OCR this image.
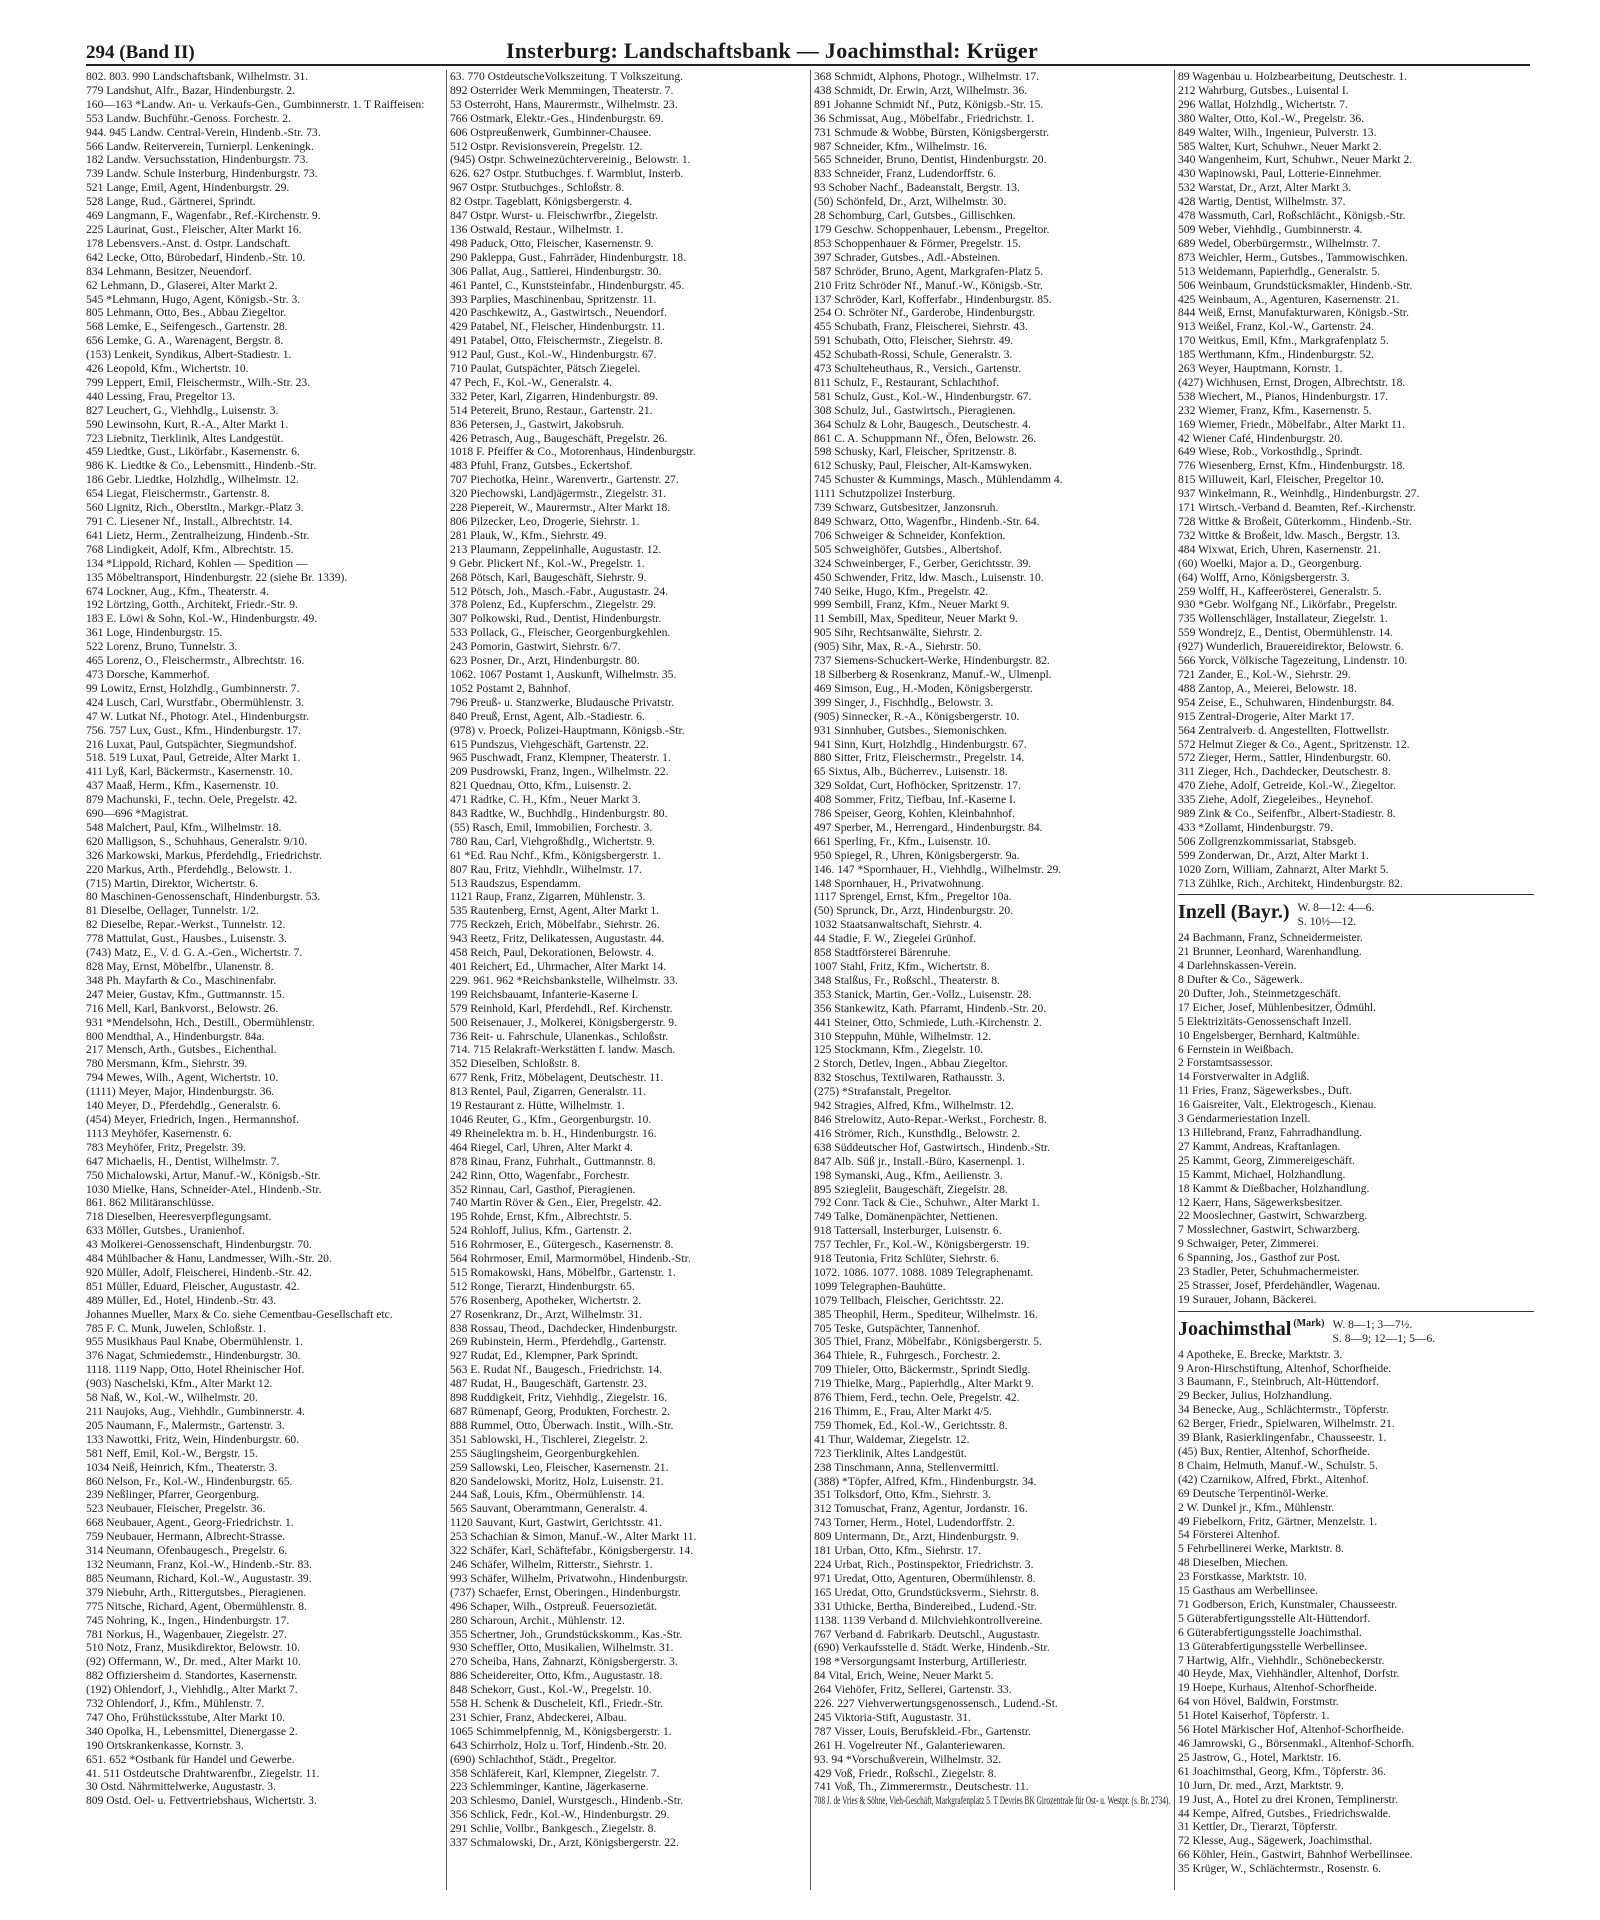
294 (Band II)	Insterburg: Landschaftsbank — Joachimsthal: Krüger
802. 803. 990 Landschaftsbank, Wilhelmstr. 31.
779 Landshut, Alfr., Bazar, Hindenburgstr. 2.
160—163 *Landw. An- u. Verkaufs-Gen., Gumbinnerstr. 1. T Raiffeisen:
553 Landw. Buchführ.-Genoss. Forchestr. 2.
944. 945 Landw. Central-Verein, Hindenb.-Str. 73.
566 Landw. Reiterverein, Turnierpl. Lenkeningk.
182 Landw. Versuchsstation, Hindenburgstr. 73.
739 Landw. Schule Insterburg, Hindenburgstr. 73.
521 Lange, Emil, Agent, Hindenburgstr. 29.
528 Lange, Rud., Gärtnerei, Sprindt.
469 Langmann, F., Wagenfabr., Ref.-Kirchenstr. 9.
225 Laurinat, Gust., Fleischer, Alter Markt 16.
178 Lebensvers.-Anst. d. Ostpr. Landschaft.
642 Lecke, Otto, Bürobedarf, Hindenb.-Str. 10.
834 Lehmann, Besitzer, Neuendorf.
62 Lehmann, D., Glaserei, Alter Markt 2.
545 *Lehmann, Hugo, Agent, Königsb.-Str. 3.
805 Lehmann, Otto, Bes., Abbau Ziegeltor.
568 Lemke, E., Seifengesch., Gartenstr. 28.
656 Lemke, G. A., Warenagent, Bergstr. 8.
(153) Lenkeit, Syndikus, Albert-Stadiestr. 1.
426 Leopold, Kfm., Wichertstr. 10.
799 Leppert, Emil, Fleischermstr., Wilh.-Str. 23.
440 Lessing, Frau, Pregeltor 13.
827 Leuchert, G., Viehhdlg., Luisenstr. 3.
590 Lewinsohn, Kurt, R.-A., Alter Markt 1.
723 Liebnitz, Tierklinik, Altes Landgestüt.
459 Liedtke, Gust., Likörfabr., Kasernenstr. 6.
986 K. Liedtke & Co., Lebensmitt., Hindenb.-Str.
186 Gebr. Liedtke, Holzhdlg., Wilhelmstr. 12.
654 Liegat, Fleischermstr., Gartenstr. 8.
560 Lignitz, Rich., Oberstltn., Markgr.-Platz 3.
791 C. Liesener Nf., Install., Albrechtstr. 14.
641 Lietz, Herm., Zentralheizung, Hindenb.-Str.
768 Lindigkeit, Adolf, Kfm., Albrechtstr. 15.
134 *Lippold, Richard, Kohlen — Spedition —
135 Möbeltransport, Hindenburgstr. 22 (siehe Br. 1339).
674 Lockner, Aug., Kfm., Theaterstr. 4.
192 Lörtzing, Gotth., Architekt, Friedr.-Str. 9.
183 E. Löwi & Sohn, Kol.-W., Hindenburgstr. 49.
361 Loge, Hindenburgstr. 15.
522 Lorenz, Bruno, Tunnelstr. 3.
465 Lorenz, O., Fleischermstr., Albrechtstr. 16.
473 Dorsche, Kammerhof.
99 Lowitz, Ernst, Holzhdlg., Gumbinnerstr. 7.
424 Lusch, Carl, Wurstfabr., Obermühlenstr. 3.
47 W. Lutkat Nf., Photogr. Atel., Hindenburgstr.
756. 757 Lux, Gust., Kfm., Hindenburgstr. 17.
216 Luxat, Paul, Gutspächter, Siegmundshof.
518. 519 Luxat, Paul, Getreide, Alter Markt 1.
411 Lyß, Karl, Bäckermstr., Kasernenstr. 10.
437 Maaß, Herm., Kfm., Kasernenstr. 10.
879 Machunski, F., techn. Oele, Pregelstr. 42.
690—696 *Magistrat.
548 Malchert, Paul, Kfm., Wilhelmstr. 18.
620 Malligson, S., Schuhhaus, Generalstr. 9/10.
326 Markowski, Markus, Pferdehdlg., Friedrichstr.
220 Markus, Arth., Pferdehdlg., Belowstr. 1.
(715) Martin, Direktor, Wichertstr. 6.
80 Maschinen-Genossenschaft, Hindenburgstr. 53.
81 Dieselbe, Oellager, Tunnelstr. 1/2.
82 Dieselbe, Repar.-Werkst., Tunnelstr. 12.
778 Mattulat, Gust., Hausbes., Luisenstr. 3.
(743) Matz, E., V. d. G. A.-Gen., Wichertstr. 7.
828 May, Ernst, Möbelfbr., Ulanenstr. 8.
348 Ph. Mayfarth & Co., Maschinenfabr.
247 Meier, Gustav, Kfm., Guttmannstr. 15.
716 Mell, Karl, Bankvorst., Belowstr. 26.
931 *Mendelsohn, Hch., Destill., Obermühlenstr.
800 Mendthal, A., Hindenburgstr. 84a.
217 Mensch, Arth., Gutsbes., Eichenthal.
780 Mersmann, Kfm., Siehrstr. 39.
794 Mewes, Wilh., Agent, Wichertstr. 10.
(1111) Meyer, Major, Hindenburgstr. 36.
140 Meyer, D., Pferdehdlg., Generalstr. 6.
(454) Meyer, Friedrich, Ingen., Hermannshof.
1113 Meyhöfer, Kasernenstr. 6.
783 Meyhöfer, Fritz, Pregelstr. 39.
647 Michaelis, H., Dentist, Wilhelmstr. 7.
750 Michalowski, Artur, Manuf.-W., Königsb.-Str.
1030 Mielke, Hans, Schneider-Atel., Hindenb.-Str.
861. 862 Militäranschlüsse.
718 Dieselben, Heeresverpflegungsamt.
633 Möller, Gutsbes., Uranienhof.
43 Molkerei-Genossenschaft, Hindenburgstr. 70.
484 Mühlbacher & Hanu, Landmesser, Wilh.-Str. 20.
920 Müller, Adolf, Fleischerei, Hindenb.-Str. 42.
851 Müller, Eduard, Fleischer, Augustastr. 42.
489 Müller, Ed., Hotel, Hindenb.-Str. 43.
Johannes Mueller, Marx & Co. siehe Cementbau-Gesellschaft etc.
785 F. C. Munk, Juwelen, Schloßstr. 1.
955 Musikhaus Paul Knabe, Obermühlenstr. 1.
376 Nagat, Schmiedemstr., Hindenburgstr. 30.
1118. 1119 Napp, Otto, Hotel Rheinischer Hof.
(903) Naschelski, Kfm., Alter Markt 12.
58 Naß, W., Kol.-W., Wilhelmstr. 20.
211 Naujoks, Aug., Viehhdlr., Gumbinnerstr. 4.
205 Naumann, F., Malermstr., Gartenstr. 3.
133 Nawottki, Fritz, Wein, Hindenburgstr. 60.
581 Neff, Emil, Kol.-W., Bergstr. 15.
1034 Neiß, Heinrich, Kfm., Theaterstr. 3.
860 Nelson, Fr., Kol.-W., Hindenburgstr. 65.
239 Neßlinger, Pfarrer, Georgenburg.
523 Neubauer, Fleischer, Pregelstr. 36.
668 Neubauer, Agent., Georg-Friedrichstr. 1.
759 Neubauer, Hermann, Albrecht-Strasse.
314 Neumann, Ofenbaugesch., Pregelstr. 6.
132 Neumann, Franz, Kol.-W., Hindenb.-Str. 83.
885 Neumann, Richard, Kol.-W., Augustastr. 39.
379 Niebuhr, Arth., Rittergutsbes., Pieragienen.
775 Nitsche, Richard, Agent, Obermühlenstr. 8.
745 Nohring, K., Ingen., Hindenburgstr. 17.
781 Norkus, H., Wagenbauer, Ziegelstr. 27.
510 Notz, Franz, Musikdirektor, Belowstr. 10.
(92) Offermann, W., Dr. med., Alter Markt 10.
882 Offiziersheim d. Standortes, Kasernenstr.
(192) Ohlendorf, J., Viehhdlg., Alter Markt 7.
732 Ohlendorf, J., Kfm., Mühlenstr. 7.
747 Oho, Frühstücksstube, Alter Markt 10.
340 Opolka, H., Lebensmittel, Dienergasse 2.
190 Ortskrankenkasse, Kornstr. 3.
651. 652 *Ostbank für Handel und Gewerbe.
41. 511 Ostdeutsche Drahtwarenfbr., Ziegelstr. 11.
30 Ostd. Nährmittelwerke, Augustastr. 3.
809 Ostd. Oel- u. Fettvertriebshaus, Wichertstr. 3.
63. 770 OstdeutscheVolkszeitung. T Volkszeitung.
892 Osterrider Werk Memmingen, Theaterstr. 7.
53 Osterroht, Hans, Maurermstr., Wilhelmstr. 23.
766 Ostmark, Elektr.-Ges., Hindenburgstr. 69.
606 Ostpreußenwerk, Gumbinner-Chausee.
512 Ostpr. Revisionsverein, Pregelstr. 12.
(945) Ostpr. Schweinezüchtervereinig., Belowstr. 1.
626. 627 Ostpr. Stutbuchges. f. Warmblut, Insterb.
967 Ostpr. Stutbuchges., Schloßstr. 8.
82 Ostpr. Tageblatt, Königsbergerstr. 4.
847 Ostpr. Wurst- u. Fleischwrfbr., Ziegelstr.
136 Ostwald, Restaur., Wilhelmstr. 1.
498 Paduck, Otto, Fleischer, Kasernenstr. 9.
290 Pakleppa, Gust., Fahrräder, Hindenburgstr. 18.
306 Pallat, Aug., Sattlerei, Hindenburgstr. 30.
461 Pantel, C., Kunststeinfabr., Hindenburgstr. 45.
393 Parplies, Maschinenbau, Spritzenstr. 11.
420 Paschkewitz, A., Gastwirtsch., Neuendorf.
429 Patabel, Nf., Fleischer, Hindenburgstr. 11.
491 Patabel, Otto, Fleischermstr., Ziegelstr. 8.
912 Paul, Gust., Kol.-W., Hindenburgstr. 67.
710 Paulat, Gutspächter, Pätsch Ziegelei.
47 Pech, F., Kol.-W., Generalstr. 4.
332 Peter, Karl, Zigarren, Hindenburgstr. 89.
514 Petereit, Bruno, Restaur., Gartenstr. 21.
836 Petersen, J., Gastwirt, Jakobsruh.
426 Petrasch, Aug., Baugeschäft, Pregelstr. 26.
1018 F. Pfeiffer & Co., Motorenhaus, Hindenburgstr.
483 Pfuhl, Franz, Gutsbes., Eckertshof.
707 Piechotka, Heinr., Warenvertr., Gartenstr. 27.
320 Piechowski, Landjägermstr., Ziegelstr. 31.
228 Piepereit, W., Maurermstr., Alter Markt 18.
806 Pilzecker, Leo, Drogerie, Siehrstr. 1.
281 Plauk, W., Kfm., Siehrstr. 49.
213 Plaumann, Zeppelinhalle, Augustastr. 12.
9 Gebr. Plickert Nf., Kol.-W., Pregelstr. 1.
268 Pötsch, Karl, Baugeschäft, Siehrstr. 9.
512 Pötsch, Joh., Masch.-Fabr., Augustastr. 24.
378 Polenz, Ed., Kupferschm., Ziegelstr. 29.
307 Polkowski, Rud., Dentist, Hindenburgstr.
533 Pollack, G., Fleischer, Georgenburgkehlen.
243 Pomorin, Gastwirt, Siehrstr. 6/7.
623 Posner, Dr., Arzt, Hindenburgstr. 80.
1062. 1067 Postamt 1, Auskunft, Wilhelmstr. 35.
1052 Postamt 2, Bahnhof.
796 Preuß- u. Stanzwerke, Bludausche Privatstr.
840 Preuß, Ernst, Agent, Alb.-Stadiestr. 6.
(978) v. Proeck, Polizei-Hauptmann, Königsb.-Str.
615 Pundszus, Viehgeschäft, Gartenstr. 22.
965 Puschwadt, Franz, Klempner, Theaterstr. 1.
209 Pusdrowski, Franz, Ingen., Wilhelmstr. 22.
821 Quednau, Otto, Kfm., Luisenstr. 2.
471 Radtke, C. H., Kfm., Neuer Markt 3.
843 Radtke, W., Buchhdlg., Hindenburgstr. 80.
(55) Rasch, Emil, Immobilien, Forchestr. 3.
780 Rau, Carl, Viehgroßhdlg., Wichertstr. 9.
61 *Ed. Rau Nchf., Kfm., Königsbergerstr. 1.
807 Rau, Fritz, Viehhdlr., Wilhelmstr. 17.
513 Raudszus, Espendamm.
1121 Raup, Franz, Zigarren, Mühlenstr. 3.
535 Rautenberg, Ernst, Agent, Alter Markt 1.
775 Reckzeh, Erich, Möbelfabr., Siehrstr. 26.
943 Reetz, Fritz, Delikatessen, Augustastr. 44.
458 Reich, Paul, Dekorationen, Belowstr. 4.
401 Reichert, Ed., Uhrmacher, Alter Markt 14.
229. 961. 962 *Reichsbankstelle, Wilhelmstr. 33.
199 Reichsbauamt, Infanterie-Kaserne I.
579 Reinhold, Karl, Pferdehdl., Ref. Kirchenstr.
500 Reisenauer, J., Molkerei, Königsbergerstr. 9.
736 Reit- u. Fahrschule, Ulanenkas., Schloßstr.
714. 715 Relakraft-Werkstätten f. landw. Masch.
352 Dieselben, Schloßstr. 8.
677 Renk, Fritz, Möbelagent, Deutschestr. 11.
813 Rentel, Paul, Zigarren, Generalstr. 11.
19 Restaurant z. Hütte, Wilhelmstr. 1.
1046 Reuter, G., Kfm., Georgenburgstr. 10.
49 Rheinelektra m. b. H., Hindenburgstr. 16.
464 Riegel, Carl, Uhren, Alter Markt 4.
878 Rinau, Franz, Fuhrhalt., Guttmannstr. 8.
242 Rinn, Otto, Wagenfabr., Forchestr.
352 Rinnau, Carl, Gasthof, Pieragienen.
740 Martin Röver & Gen., Eier, Pregelstr. 42.
195 Rohde, Ernst, Kfm., Albrechtstr. 5.
524 Rohloff, Julius, Kfm., Gartenstr. 2.
516 Rohrmoser, E., Gütergesch., Kasernenstr. 8.
564 Rohrmoser, Emil, Marmormöbel, Hindenb.-Str.
515 Romakowski, Hans, Möbelfbr., Gartenstr. 1.
512 Ronge, Tierarzt, Hindenburgstr. 65.
576 Rosenberg, Apotheker, Wichertstr. 2.
27 Rosenkranz, Dr., Arzt, Wilhelmstr. 31.
838 Rossau, Theod., Dachdecker, Hindenburgstr.
269 Rubinstein, Herm., Pferdehdlg., Gartenstr.
927 Rudat, Ed., Klempner, Park Sprindt.
563 E. Rudat Nf., Baugesch., Friedrichstr. 14.
487 Rudat, H., Baugeschäft, Gartenstr. 23.
898 Ruddigkeit, Fritz, Viehhdlg., Ziegelstr. 16.
687 Rümenapf, Georg, Produkten, Forchestr. 2.
888 Rummel, Otto, Überwach. Instit., Wilh.-Str.
351 Sablowski, H., Tischlerei, Ziegelstr. 2.
255 Säuglingsheim, Georgenburgkehlen.
259 Sallowski, Leo, Fleischer, Kasernenstr. 21.
820 Sandelowski, Moritz, Holz, Luisenstr. 21.
244 Saß, Louis, Kfm., Obermühlenstr. 14.
565 Sauvant, Oberamtmann, Generalstr. 4.
1120 Sauvant, Kurt, Gastwirt, Gerichtsstr. 41.
253 Schachian & Simon, Manuf.-W., Alter Markt 11.
322 Schäfer, Karl, Schäftefabr., Königsbergerstr. 14.
246 Schäfer, Wilhelm, Ritterstr., Siehrstr. 1.
993 Schäfer, Wilhelm, Privatwohn., Hindenburgstr.
(737) Schaefer, Ernst, Oberingen., Hindenburgstr.
496 Schaper, Wilh., Ostpreuß. Feuersozietät.
280 Scharoun, Archit., Mühlenstr. 12.
355 Schertner, Joh., Grundstückskomm., Kas.-Str.
930 Scheffler, Otto, Musikalien, Wilhelmstr. 31.
270 Scheiba, Hans, Zahnarzt, Königsbergerstr. 3.
886 Scheidereiter, Otto, Kfm., Augustastr. 18.
848 Schekorr, Gust., Kol.-W., Pregelstr. 10.
558 H. Schenk & Duscheleit, Kfl., Friedr.-Str.
231 Schier, Franz, Abdeckerei, Albau.
1065 Schimmelpfennig, M., Königsbergerstr. 1.
643 Schirrholz, Holz u. Torf, Hindenb.-Str. 20.
(690) Schlachthof, Städt., Pregeltor.
358 Schläfereit, Karl, Klempner, Ziegelstr. 7.
223 Schlemminger, Kantine, Jägerkaserne.
203 Schlesmo, Daniel, Wurstgesch., Hindenb.-Str.
356 Schlick, Fedr., Kol.-W., Hindenburgstr. 29.
291 Schlie, Vollbr., Bankgesch., Ziegelstr. 8.
337 Schmalowski, Dr., Arzt, Königsbergerstr. 22.
368 Schmidt, Alphons, Photogr., Wilhelmstr. 17.
438 Schmidt, Dr. Erwin, Arzt, Wilhelmstr. 36.
891 Johanne Schmidt Nf., Putz, Königsb.-Str. 15.
36 Schmissat, Aug., Möbelfabr., Friedrichstr. 1.
731 Schmude & Wobbe, Bürsten, Königsbergerstr.
987 Schneider, Kfm., Wilhelmstr. 16.
565 Schneider, Bruno, Dentist, Hindenburgstr. 20.
833 Schneider, Franz, Ludendorffstr. 6.
93 Schober Nachf., Badeanstalt, Bergstr. 13.
(50) Schönfeld, Dr., Arzt, Wilhelmstr. 30.
28 Schomburg, Carl, Gutsbes., Gillischken.
179 Geschw. Schoppenhauer, Lebensm., Pregeltor.
853 Schoppenhauer & Förmer, Pregelstr. 15.
397 Schrader, Gutsbes., Adl.-Absteinen.
587 Schröder, Bruno, Agent, Markgrafen-Platz 5.
210 Fritz Schröder Nf., Manuf.-W., Königsb.-Str.
137 Schröder, Karl, Kofferfabr., Hindenburgstr. 85.
254 O. Schröter Nf., Garderobe, Hindenburgstr.
455 Schubath, Franz, Fleischerei, Siehrstr. 43.
591 Schubath, Otto, Fleischer, Siehrstr. 49.
452 Schubath-Rossi, Schule, Generalstr. 3.
473 Schulteheuthaus, R., Versich., Gartenstr.
811 Schulz, F., Restaurant, Schlachthof.
581 Schulz, Gust., Kol.-W., Hindenburgstr. 67.
308 Schulz, Jul., Gastwirtsch., Pieragienen.
364 Schulz & Lohr, Baugesch., Deutschestr. 4.
861 C. A. Schuppmann Nf., Öfen, Belowstr. 26.
598 Schusky, Karl, Fleischer, Spritzenstr. 8.
612 Schusky, Paul, Fleischer, Alt-Kamswyken.
745 Schuster & Kummings, Masch., Mühlendamm 4.
1111 Schutzpolizei Insterburg.
739 Schwarz, Gutsbesitzer, Janzonsruh.
849 Schwarz, Otto, Wagenfbr., Hindenb.-Str. 64.
706 Schweiger & Schneider, Konfektion.
505 Schweighöfer, Gutsbes., Albertshof.
324 Schweinberger, F., Gerber, Gerichtsstr. 39.
450 Schwender, Fritz, ldw. Masch., Luisenstr. 10.
740 Seike, Hugo, Kfm., Pregelstr. 42.
999 Sembill, Franz, Kfm., Neuer Markt 9.
11 Sembill, Max, Spediteur, Neuer Markt 9.
905 Sihr, Rechtsanwälte, Siehrstr. 2.
(905) Sihr, Max, R.-A., Siehrstr. 50.
737 Siemens-Schuckert-Werke, Hindenburgstr. 82.
18 Silberberg & Rosenkranz, Manuf.-W., Ulmenpl.
469 Simson, Eug., H.-Moden, Königsbergerstr.
399 Singer, J., Fischhdlg., Belowstr. 3.
(905) Sinnecker, R.-A., Königsbergerstr. 10.
931 Sinnhuber, Gutsbes., Siemonischken.
941 Sinn, Kurt, Holzhdlg., Hindenburgstr. 67.
880 Sitter, Fritz, Fleischermstr., Pregelstr. 14.
65 Sixtus, Alb., Bücherrev., Luisenstr. 18.
329 Soldat, Curt, Hofhöcker, Spritzenstr. 17.
408 Sommer, Fritz, Tiefbau, Inf.-Kaserne I.
786 Speiser, Georg, Kohlen, Kleinbahnhof.
497 Sperber, M., Herrengard., Hindenburgstr. 84.
661 Sperling, Fr., Kfm., Luisenstr. 10.
950 Spiegel, R., Uhren, Königsbergerstr. 9a.
146. 147 *Spornhauer, H., Viehhdlg., Wilhelmstr. 29.
148 Spornhauer, H., Privatwohnung.
1117 Sprengel, Ernst, Kfm., Pregeltor 10a.
(50) Sprunck, Dr., Arzt, Hindenburgstr. 20.
1032 Staatsanwaltschaft, Siehrstr. 4.
44 Stadie, F. W., Ziegelei Grünhof.
858 Stadtförsterei Bärenruhe.
1007 Stahl, Fritz, Kfm., Wichertstr. 8.
348 Stalßus, Fr., Roßschl., Theaterstr. 8.
353 Stanick, Martin, Ger.-Vollz., Luisenstr. 28.
356 Stankewitz, Kath. Pfarramt, Hindenb.-Str. 20.
441 Steiner, Otto, Schmiede, Luth.-Kirchenstr. 2.
310 Steppuhn, Mühle, Wilhelmstr. 12.
125 Stockmann, Kfm., Ziegelstr. 10.
2 Storch, Detlev, Ingen., Abbau Ziegeltor.
832 Stoschus, Textilwaren, Rathausstr. 3.
(275) *Strafanstalt, Pregeltor.
942 Stragies, Alfred, Kfm., Wilhelmstr. 12.
846 Strelowitz, Auto-Repar.-Werkst., Forchestr. 8.
416 Strömer, Rich., Kunsthdlg., Belowstr. 2.
638 Süddeutscher Hof, Gastwirtsch., Hindenb.-Str.
847 Alb. Süß jr., Install.-Büro, Kasernenpl. 1.
198 Symanski, Aug., Kfm., Aeilienstr. 3.
895 Szieglelit, Baugeschäft, Ziegelstr. 28.
792 Conr. Tack & Cie., Schuhwr., Alter Markt 1.
749 Talke, Domänenpächter, Nettienen.
918 Tattersall, Insterburger, Luisenstr. 6.
757 Techler, Fr., Kol.-W., Königsbergerstr. 19.
918 Teutonia, Fritz Schlüter, Siehrstr. 6.
1072. 1086. 1077. 1088. 1089 Telegraphenamt.
1099 Telegraphen-Bauhütte.
1079 Tellbach, Fleischer, Gerichtsstr. 22.
385 Theophil, Herm., Spediteur, Wilhelmstr. 16.
705 Teske, Gutspächter, Tannenhof.
305 Thiel, Franz, Möbelfabr., Königsbergerstr. 5.
364 Thiele, R., Fuhrgesch., Forchestr. 2.
709 Thieler, Otto, Bäckermstr., Sprindt Siedlg.
719 Thielke, Marg., Papierhdlg., Alter Markt 9.
876 Thiem, Ferd., techn. Oele, Pregelstr. 42.
216 Thimm, E., Frau, Alter Markt 4/5.
759 Thomek, Ed., Kol.-W., Gerichtsstr. 8.
41 Thur, Waldemar, Ziegelstr. 12.
723 Tierklinik, Altes Landgestüt.
238 Tinschmann, Anna, Stellenvermittl.
(388) *Töpfer, Alfred, Kfm., Hindenburgstr. 34.
351 Tolksdorf, Otto, Kfm., Siehrstr. 3.
312 Tomuschat, Franz, Agentur, Jordanstr. 16.
743 Torner, Herm., Hotel, Ludendorffstr. 2.
809 Untermann, Dr., Arzt, Hindenburgstr. 9.
181 Urban, Otto, Kfm., Siehrstr. 17.
224 Urbat, Rich., Postinspektor, Friedrichstr. 3.
971 Uredat, Otto, Agenturen, Obermühlenstr. 8.
165 Uredat, Otto, Grundstücksverm., Siehrstr. 8.
331 Uthicke, Bertha, Bindereibed., Ludend.-Str.
1138. 1139 Verband d. Milchviehkontrollvereine.
767 Verband d. Fabrikarb. Deutschl., Augustastr.
(690) Verkaufsstelle d. Städt. Werke, Hindenb.-Str.
198 *Versorgungsamt Insterburg, Artilleriestr.
84 Vital, Erich, Weine, Neuer Markt 5.
264 Viehöfer, Fritz, Sellerei, Gartenstr. 33.
226. 227 Viehverwertungsgenossensch., Ludend.-St.
245 Viktoria-Stift, Augustastr. 31.
787 Visser, Louis, Berufskleid.-Fbr., Gartenstr.
261 H. Vogelreuter Nf., Galanteriewaren.
93. 94 *Vorschußverein, Wilhelmstr. 32.
429 Voß, Friedr., Roßschl., Ziegelstr. 8.
741 Voß, Th., Zimmerermstr., Deutschestr. 11.
708 J. de Vries & Söhne, Vieh-Geschäft, Markgrafenplatz 5. T Devries BK Girozentrale für Ost- u. Westpr. (s. Br. 2734).
89 Wagenbau u. Holzbearbeitung, Deutschestr. 1.
212 Wahrburg, Gutsbes., Luisental I.
296 Wallat, Holzhdlg., Wichertstr. 7.
380 Walter, Otto, Kol.-W., Pregelstr. 36.
849 Walter, Wilh., Ingenieur, Pulverstr. 13.
585 Walter, Kurt, Schuhwr., Neuer Markt 2.
340 Wangenheim, Kurt, Schuhwr., Neuer Markt 2.
430 Wapinowski, Paul, Lotterie-Einnehmer.
532 Warstat, Dr., Arzt, Alter Markt 3.
428 Wartig, Dentist, Wilhelmstr. 37.
478 Wassmuth, Carl, Roßschlächt., Königsb.-Str.
509 Weber, Viehhdlg., Gumbinnerstr. 4.
689 Wedel, Oberbürgermstr., Wilhelmstr. 7.
873 Weichler, Herm., Gutsbes., Tammowischken.
513 Weidemann, Papierhdlg., Generalstr. 5.
506 Weinbaum, Grundstücksmakler, Hindenb.-Str.
425 Weinbaum, A., Agenturen, Kasernenstr. 21.
844 Weiß, Ernst, Manufakturwaren, Königsb.-Str.
913 Weißel, Franz, Kol.-W., Gartenstr. 24.
170 Weitkus, Emil, Kfm., Markgrafenplatz 5.
185 Werthmann, Kfm., Hindenburgstr. 52.
263 Weyer, Hauptmann, Kornstr. 1.
(427) Wichhusen, Ernst, Drogen, Albrechtstr. 18.
538 Wiechert, M., Pianos, Hindenburgstr. 17.
232 Wiemer, Franz, Kfm., Kasernenstr. 5.
169 Wiemer, Friedr., Möbelfabr., Alter Markt 11.
42 Wiener Café, Hindenburgstr. 20.
649 Wiese, Rob., Vorkosthdlg., Sprindt.
776 Wiesenberg, Ernst, Kfm., Hindenburgstr. 18.
815 Willuweit, Karl, Fleischer, Pregeltor 10.
937 Winkelmann, R., Weinhdlg., Hindenburgstr. 27.
171 Wirtsch.-Verband d. Beamten, Ref.-Kirchenstr.
728 Wittke & Broßeit, Güterkomm., Hindenb.-Str.
732 Wittke & Broßeit, ldw. Masch., Bergstr. 13.
484 Wixwat, Erich, Uhren, Kasernenstr. 21.
(60) Woelki, Major a. D., Georgenburg.
(64) Wolff, Arno, Königsbergerstr. 3.
259 Wolff, H., Kaffeerösterei, Generalstr. 5.
930 *Gebr. Wolfgang Nf., Likörfabr., Pregelstr.
735 Wollenschläger, Installateur, Ziegelstr. 1.
559 Wondrejz, E., Dentist, Obermühlenstr. 14.
(927) Wunderlich, Brauereidirektor, Belowstr. 6.
566 Yorck, Völkische Tagezeitung, Lindenstr. 10.
721 Zander, E., Kol.-W., Siehrstr. 29.
488 Zantop, A., Meierei, Belowstr. 18.
954 Zeise, E., Schuhwaren, Hindenburgstr. 84.
915 Zentral-Drogerie, Alter Markt 17.
564 Zentralverb. d. Angestellten, Flottwellstr.
572 Helmut Zieger & Co., Agent., Spritzenstr. 12.
572 Zieger, Herm., Sattler, Hindenburgstr. 60.
311 Zieger, Hch., Dachdecker, Deutschestr. 8.
470 Ziehe, Adolf, Getreide, Kol.-W., Ziegeltor.
335 Ziehe, Adolf, Ziegeleibes., Heynehof.
989 Zink & Co., Seifenfbr., Albert-Stadiestr. 8.
433 *Zollamt, Hindenburgstr. 79.
506 Zollgrenzkommissariat, Stabsgeb.
599 Zonderwan, Dr., Arzt, Alter Markt 1.
1020 Zorn, William, Zahnarzt, Alter Markt 5.
713 Zühlke, Rich., Architekt, Hindenburgstr. 82.
Inzell (Bayr.) W. 8—12: 4—6.
S. 10½—12.
24 Bachmann, Franz, Schneidermeister.
21 Brunner, Leonhard, Warenhandlung.
4 Darlehnskassen-Verein.
8 Dufter & Co., Sägewerk.
20 Dufter, Joh., Steinmetzgeschäft.
17 Eicher, Josef, Mühlenbesitzer, Ödmühl.
5 Elektrizitäts-Genossenschaft Inzell.
10 Engelsberger, Bernhard, Kaltmühle.
6 Fernstein in Weißbach.
2 Forstamtsassessor.
14 Forstverwalter in Adgliß.
11 Fries, Franz, Sägewerksbes., Duft.
16 Gaisreiter, Valt., Elektrogesch., Kienau.
3 Gendarmeriestation Inzell.
13 Hillebrand, Franz, Fahrradhandlung.
27 Kammt, Andreas, Kraftanlagen.
25 Kammt, Georg, Zimmereigeschäft.
15 Kammt, Michael, Holzhandlung.
18 Kammt & Dießbacher, Holzhandlung.
12 Kaerr, Hans, Sägewerksbesitzer.
22 Mooslechner, Gastwirt, Schwarzberg.
7 Mosslechner, Gastwirt, Schwarzberg.
9 Schwaiger, Peter, Zimmerei.
6 Spanning, Jos., Gasthof zur Post.
23 Stadler, Peter, Schuhmachermeister.
25 Strasser, Josef, Pferdehändler, Wagenau.
19 Surauer, Johann, Bäckerei.
Joachimsthal (Mark) W. 8—1; 3—7½.
S. 8—9; 12—1; 5—6.
4 Apotheke, E. Brecke, Marktstr. 3.
9 Aron-Hirschstiftung, Altenhof, Schorfheide.
3 Baumann, F., Steinbruch, Alt-Hüttendorf.
29 Becker, Julius, Holzhandlung.
34 Benecke, Aug., Schlächtermstr., Töpferstr.
62 Berger, Friedr., Spielwaren, Wilhelmstr. 21.
39 Blank, Rasierklingenfabr., Chausseestr. 1.
(45) Bux, Rentier, Altenhof, Schorfheide.
8 Chaim, Helmuth, Manuf.-W., Schulstr. 5.
(42) Czarnikow, Alfred, Fbrkt., Altenhof.
69 Deutsche Terpentinöl-Werke.
2 W. Dunkel jr., Kfm., Mühlenstr.
49 Fiebelkorn, Fritz, Gärtner, Menzelstr. 1.
54 Försterei Altenhof.
5 Fehrbellinerei Werke, Marktstr. 8.
48 Dieselben, Miechen.
23 Forstkasse, Marktstr. 10.
15 Gasthaus am Werbellinsee.
71 Godberson, Erich, Kunstmaler, Chausseestr.
5 Güterabfertigungsstelle Alt-Hüttendorf.
6 Güterabfertigungsstelle Joachimsthal.
13 Güterabfertigungsstelle Werbellinsee.
7 Hartwig, Alfr., Viehhdlr., Schönebeckerstr.
40 Heyde, Max, Viehhändler, Altenhof, Dorfstr.
19 Hoepe, Kurhaus, Altenhof-Schorfheide.
64 von Hövel, Baldwin, Forstmstr.
51 Hotel Kaiserhof, Töpferstr. 1.
56 Hotel Märkischer Hof, Altenhof-Schorfheide.
46 Jamrowski, G., Börsenmakl., Altenhof-Schorfh.
25 Jastrow, G., Hotel, Marktstr. 16.
61 Joachimsthal, Georg, Kfm., Töpferstr. 36.
10 Jurn, Dr. med., Arzt, Marktstr. 9.
19 Just, A., Hotel zu drei Kronen, Templinerstr.
44 Kempe, Alfred, Gutsbes., Friedrichswalde.
31 Kettler, Dr., Tierarzt, Töpferstr.
72 Klesse, Aug., Sägewerk, Joachimsthal.
66 Köhler, Hein., Gastwirt, Bahnhof Werbellinsee.
35 Krüger, W., Schlächtermstr., Rosenstr. 6.
